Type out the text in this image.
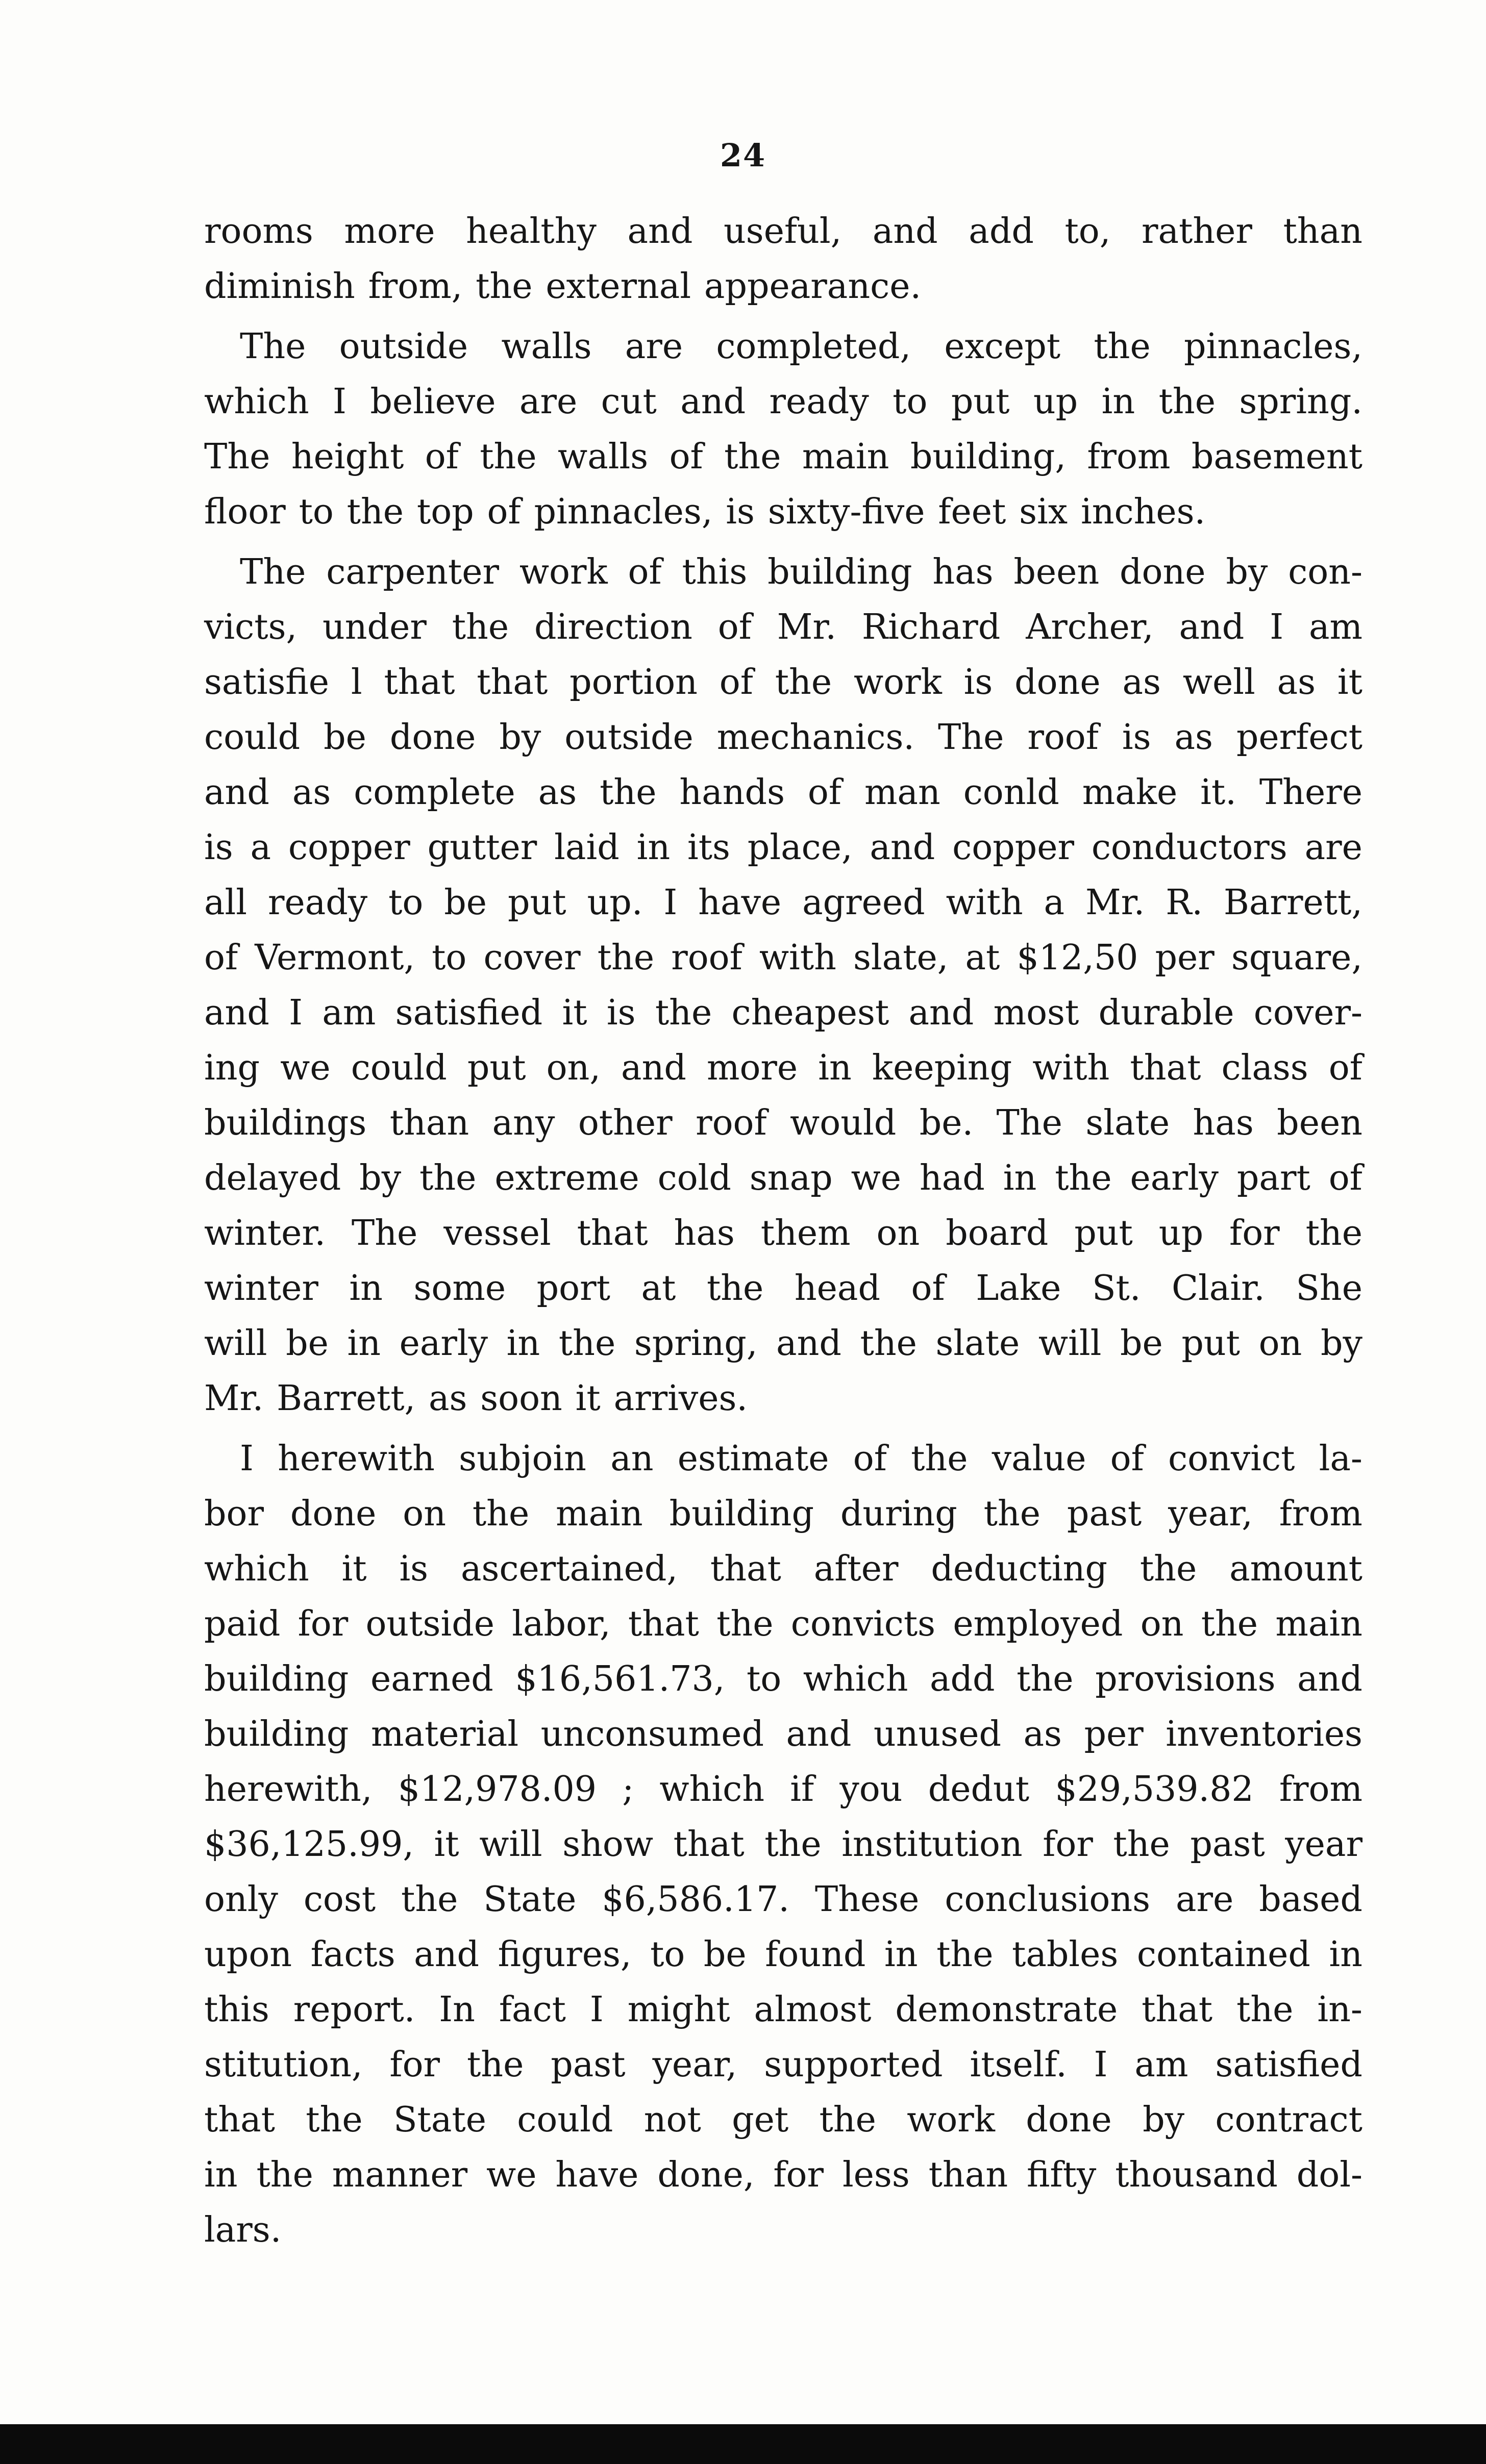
24
rooms more healthy and useful, and add to, rather than
diminish from, the external appearance.
The outside walls are completed, except the pinnacles,
which I believe are cut and ready to put up in the spring.
The height of the walls of the main building, from basement
floor to the top of pinnacles, is sixty-five feet six inches.
The carpenter work of this building has been done by con-
victs, under the direction of Mr. Richard Archer, and I am
satisfie l that that portion of the work is done as well as it
could be done by outside mechanics. The roof is as perfect
and as complete as the hands of man conld make it. There
is a copper gutter laid in its place, and copper conductors are
all ready to be put up. I have agreed with a Mr. R. Barrett,
of Vermont, to cover the roof with slate, at $12,50 per square,
and I am satisfied it is the cheapest and most durable cover-
ing we could put on, and more in keeping with that class of
buildings than any other roof would be. The slate has been
delayed by the extreme cold snap we had in the early part of
winter. The vessel that has them on board put up for the
winter in some port at the head of Lake St. Clair. She
will be in early in the spring, and the slate will be put on by
Mr. Barrett, as soon it arrives.
I herewith subjoin an estimate of the value of convict la-
bor done on the main building during the past year, from
which it is ascertained, that after deducting the amount
paid for outside labor, that the convicts employed on the main
building earned $16,561.73, to which add the provisions and
building material unconsumed and unused as per inventories
herewith, $12,978.09 ; which if you dedut $29,539.82 from
$36,125.99, it will show that the institution for the past year
only cost the State $6,586.17. These conclusions are based
upon facts and figures, to be found in the tables contained in
this report. In fact I might almost demonstrate that the in-
stitution, for the past year, supported itself. I am satisfied
that the State could not get the work done by contract
in the manner we have done, for less than fifty thousand dol-
lars.
